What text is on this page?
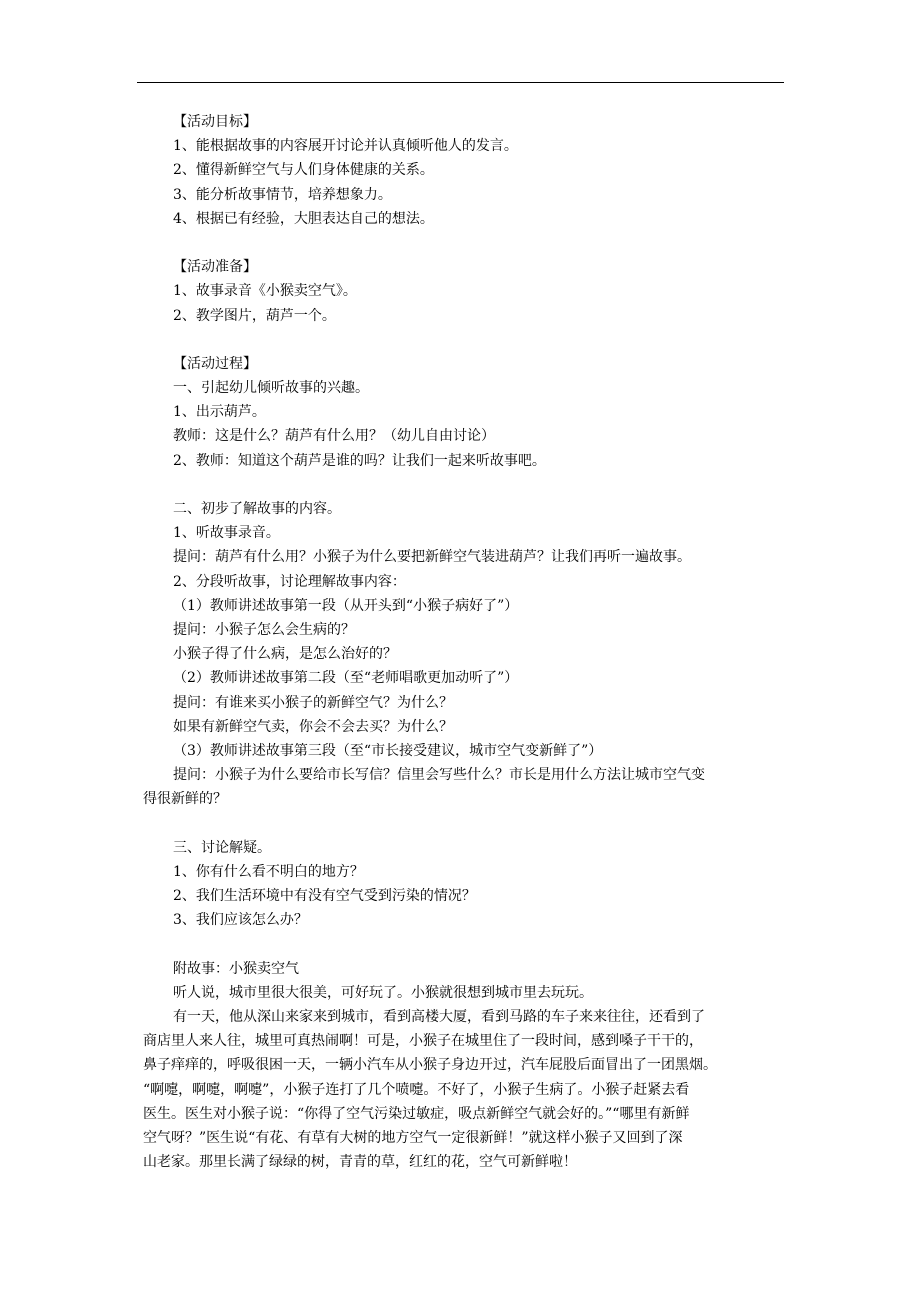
【活动目标】
1、能根据故事的内容展开讨论并认真倾听他人的发言。
2、懂得新鲜空气与人们身体健康的关系。
3、能分析故事情节，培养想象力。
4、根据已有经验，大胆表达自己的想法。
【活动准备】
1、故事录音《小猴卖空气》。
2、教学图片，葫芦一个。
【活动过程】
一、引起幼儿倾听故事的兴趣。
1、出示葫芦。
教师：这是什么？葫芦有什么用？（幼儿自由讨论）
2、教师：知道这个葫芦是谁的吗？让我们一起来听故事吧。
二、初步了解故事的内容。
1、听故事录音。
提问：葫芦有什么用？小猴子为什么要把新鲜空气装进葫芦？让我们再听一遍故事。
2、分段听故事，讨论理解故事内容：
（1）教师讲述故事第一段（从开头到“小猴子病好了”）
提问：小猴子怎么会生病的？
小猴子得了什么病，是怎么治好的？
（2）教师讲述故事第二段（至“老师唱歌更加动听了”）
提问：有谁来买小猴子的新鲜空气？为什么？
如果有新鲜空气卖，你会不会去买？为什么？
（3）教师讲述故事第三段（至“市长接受建议，城市空气变新鲜了”）
提问：小猴子为什么要给市长写信？信里会写些什么？市长是用什么方法让城市空气变
得很新鲜的？
三、讨论解疑。
1、你有什么看不明白的地方？
2、我们生活环境中有没有空气受到污染的情况？
3、我们应该怎么办？
附故事：小猴卖空气
听人说，城市里很大很美，可好玩了。小猴就很想到城市里去玩玩。
有一天，他从深山来家来到城市，看到高楼大厦，看到马路的车子来来往往，还看到了
商店里人来人往，城里可真热闹啊！可是，小猴子在城里住了一段时间，感到嗓子干干的，
鼻子痒痒的，呼吸很困一天，一辆小汽车从小猴子身边开过，汽车屁股后面冒出了一团黑烟。
“啊嚏，啊嚏，啊嚏”，小猴子连打了几个喷嚏。不好了，小猴子生病了。小猴子赶紧去看
医生。医生对小猴子说：“你得了空气污染过敏症，吸点新鲜空气就会好的。”“哪里有新鲜
空气呀？”医生说“有花、有草有大树的地方空气一定很新鲜！”就这样小猴子又回到了深
山老家。那里长满了绿绿的树，青青的草，红红的花，空气可新鲜啦！
